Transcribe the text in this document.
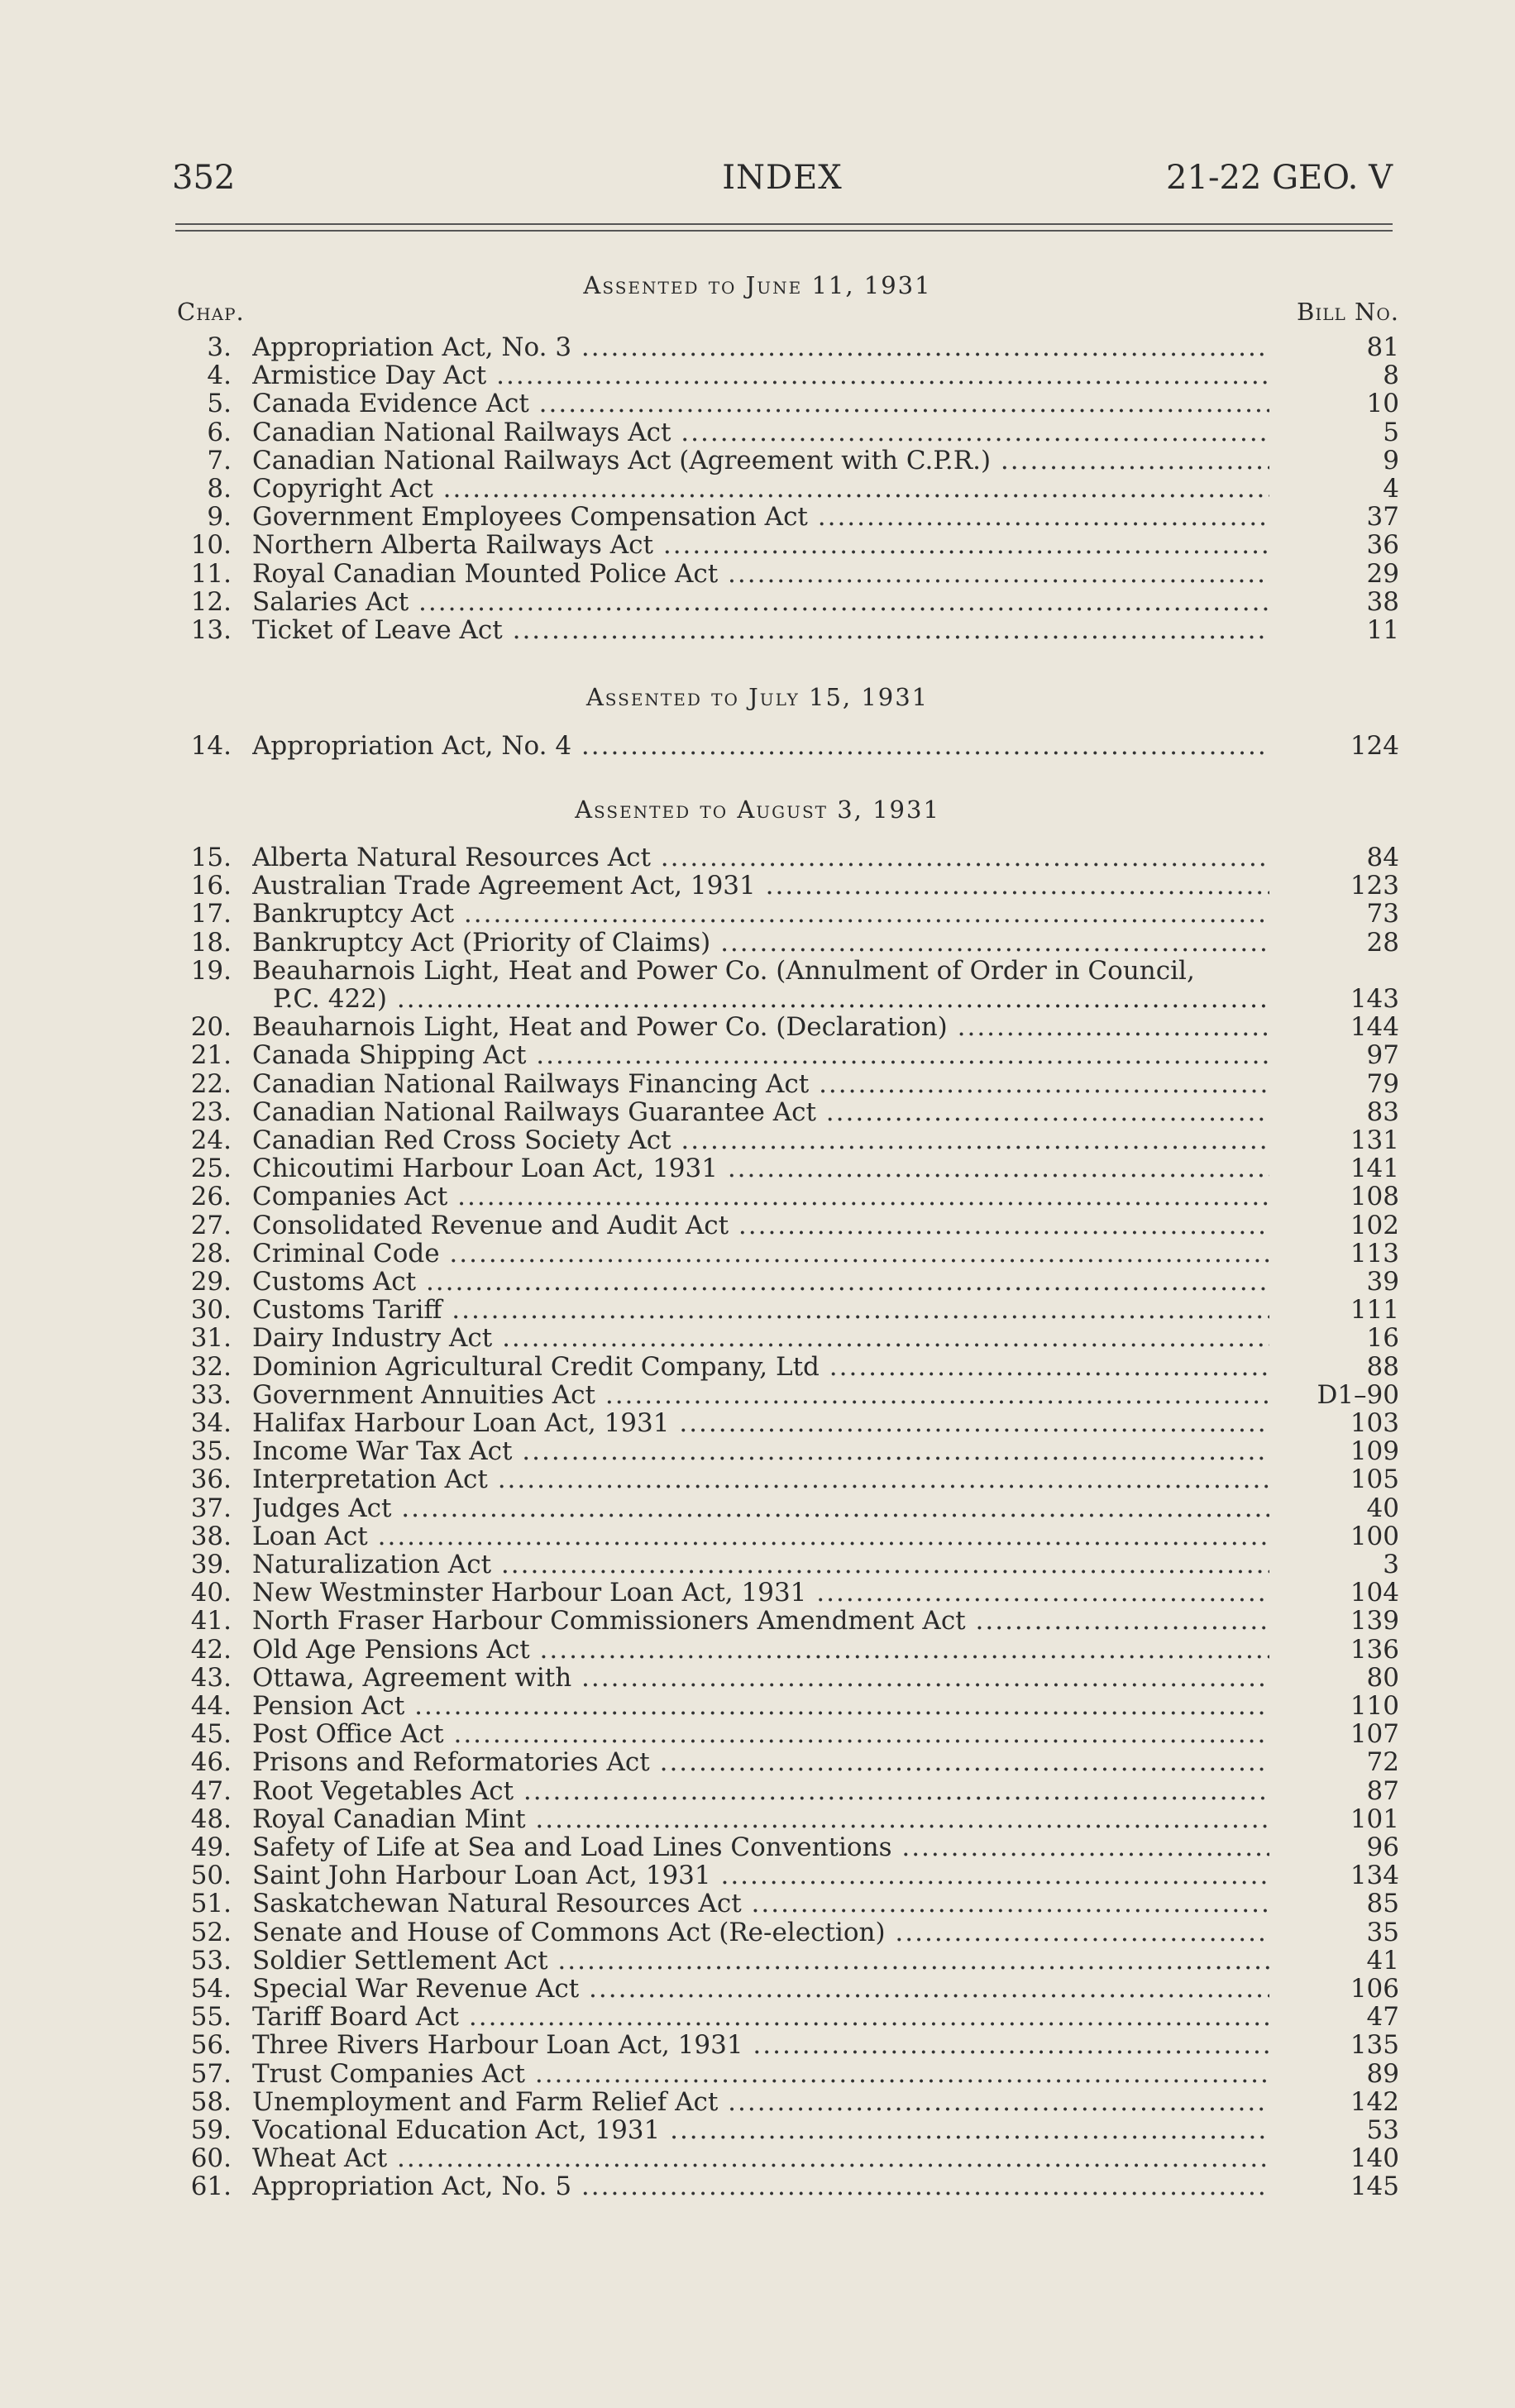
352	INDEX	21-22 GEO. V
Assented to June 11, 1931
Chap.	Bill No.
3. Appropriation Act, No. 3 .....	81
4. Armistice Day Act .....	8
5. Canada Evidence Act .....	10
6. Canadian National Railways Act .....	5
7. Canadian National Railways Act (Agreement with C.P.R.) .....	9
8. Copyright Act .....	4
9. Government Employees Compensation Act .....	37
10. Northern Alberta Railways Act .....	36
11. Royal Canadian Mounted Police Act .....	29
12. Salaries Act .....	38
13. Ticket of Leave Act .....	11
Assented to July 15, 1931
14. Appropriation Act, No. 4 .....	124
Assented to August 3, 1931
15. Alberta Natural Resources Act .....	84
16. Australian Trade Agreement Act, 1931 .....	123
17. Bankruptcy Act .....	73
18. Bankruptcy Act (Priority of Claims) .....	28
19. Beauharnois Light, Heat and Power Co. (Annulment of Order in Council,
P.C. 422) .....	143
20. Beauharnois Light, Heat and Power Co. (Declaration) .....	144
21. Canada Shipping Act .....	97
22. Canadian National Railways Financing Act .....	79
23. Canadian National Railways Guarantee Act .....	83
24. Canadian Red Cross Society Act .....	131
25. Chicoutimi Harbour Loan Act, 1931 .....	141
26. Companies Act .....	108
27. Consolidated Revenue and Audit Act .....	102
28. Criminal Code .....	113
29. Customs Act .....	39
30. Customs Tariff .....	111
31. Dairy Industry Act .....	16
32. Dominion Agricultural Credit Company, Ltd .....	88
33. Government Annuities Act .....	D1–90
34. Halifax Harbour Loan Act, 1931 .....	103
35. Income War Tax Act .....	109
36. Interpretation Act .....	105
37. Judges Act .....	40
38. Loan Act .....	100
39. Naturalization Act .....	3
40. New Westminster Harbour Loan Act, 1931 .....	104
41. North Fraser Harbour Commissioners Amendment Act .....	139
42. Old Age Pensions Act .....	136
43. Ottawa, Agreement with .....	80
44. Pension Act .....	110
45. Post Office Act .....	107
46. Prisons and Reformatories Act .....	72
47. Root Vegetables Act .....	87
48. Royal Canadian Mint .....	101
49. Safety of Life at Sea and Load Lines Conventions .....	96
50. Saint John Harbour Loan Act, 1931 .....	134
51. Saskatchewan Natural Resources Act .....	85
52. Senate and House of Commons Act (Re-election) .....	35
53. Soldier Settlement Act .....	41
54. Special War Revenue Act .....	106
55. Tariff Board Act .....	47
56. Three Rivers Harbour Loan Act, 1931 .....	135
57. Trust Companies Act .....	89
58. Unemployment and Farm Relief Act .....	142
59. Vocational Education Act, 1931 .....	53
60. Wheat Act .....	140
61. Appropriation Act, No. 5 .....	145
